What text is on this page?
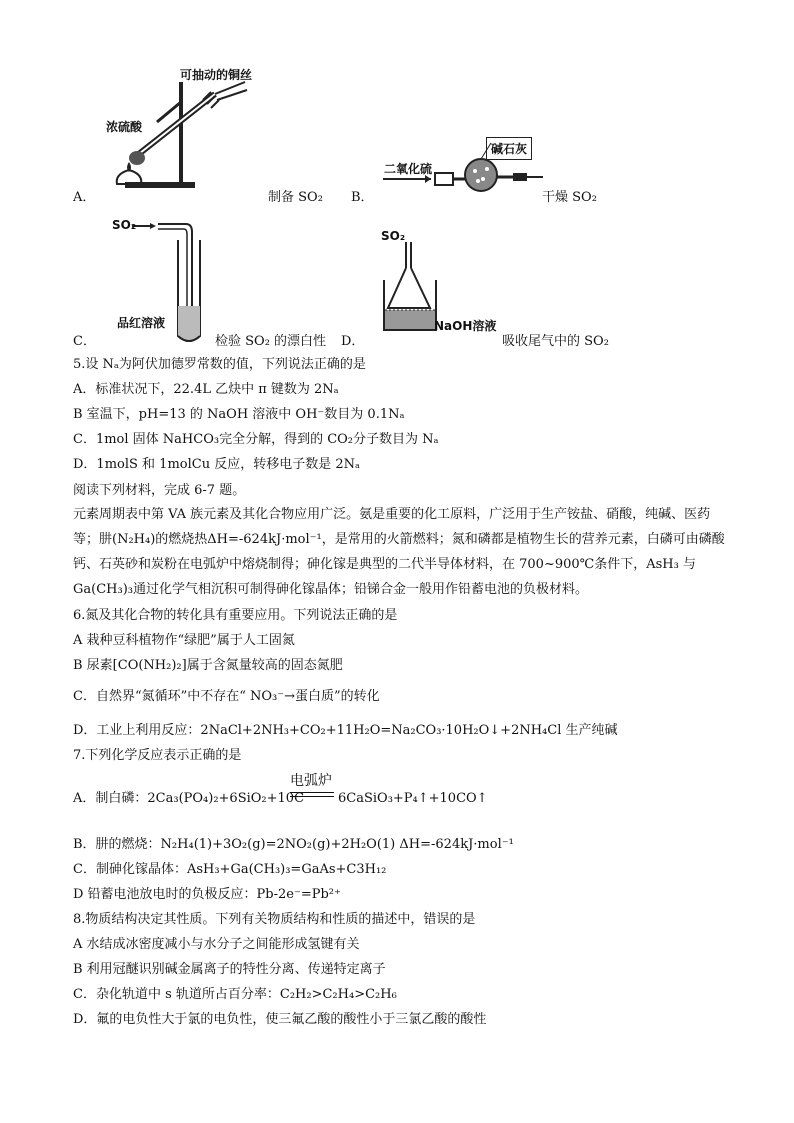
可抽动的铜丝
浓硫酸
A．	制备 SO₂
二氧化硫
碱石灰
B．	干燥 SO₂
SO₂
品红溶液
C．	检验 SO₂ 的漂白性
SO₂
NaOH溶液
D．	吸收尾气中的 SO₂
5.设 Nₐ为阿伏加德罗常数的值，下列说法正确的是
A．标准状况下，22.4L 乙炔中 π 键数为 2Nₐ
B 室温下，pH=13 的 NaOH 溶液中 OH⁻数目为 0.1Nₐ
C．1mol 固体 NaHCO₃完全分解，得到的 CO₂分子数目为 Nₐ
D．1molS 和 1molCu 反应，转移电子数是 2Nₐ
阅读下列材料，完成 6-7 题。
元素周期表中第 VA 族元素及其化合物应用广泛。氨是重要的化工原料，广泛用于生产铵盐、硝酸，纯碱、医药等；肼(N₂H₄)的燃烧热ΔH=-624kJ·mol⁻¹，是常用的火箭燃料；氮和磷都是植物生长的营养元素，白磷可由磷酸钙、石英砂和炭粉在电弧炉中熔烧制得；砷化镓是典型的二代半导体材料，在 700~900℃条件下，AsH₃ 与 Ga(CH₃)₃通过化学气相沉积可制得砷化镓晶体；铅锑合金一般用作铅蓄电池的负极材料。
6.氮及其化合物的转化具有重要应用。下列说法正确的是
A 栽种豆科植物作“绿肥”属于人工固氮
B 尿素[CO(NH₂)₂]属于含氮量较高的固态氮肥
C．自然界“氮循环”中不存在“ NO₃⁻→蛋白质”的转化
D．工业上利用反应：2NaCl+2NH₃+CO₂+11H₂O=Na₂CO₃·10H₂O↓+2NH₄Cl 生产纯碱
7.下列化学反应表示正确的是
A．制白磷：2Ca₃(PO₄)₂+6SiO₂+10C
电弧炉
6CaSiO₃+P₄↑+10CO↑
B．肼的燃烧：N₂H₄(1)+3O₂(g)=2NO₂(g)+2H₂O(1) ΔH=-624kJ·mol⁻¹
C．制砷化镓晶体：AsH₃+Ga(CH₃)₃=GaAs+C3H₁₂
D 铅蓄电池放电时的负极反应：Pb-2e⁻=Pb²⁺
8.物质结构决定其性质。下列有关物质结构和性质的描述中，错误的是
A 水结成冰密度减小与水分子之间能形成氢键有关
B 利用冠醚识别碱金属离子的特性分离、传递特定离子
C．杂化轨道中 s 轨道所占百分率：C₂H₂>C₂H₄>C₂H₆
D．氟的电负性大于氯的电负性，使三氟乙酸的酸性小于三氯乙酸的酸性
